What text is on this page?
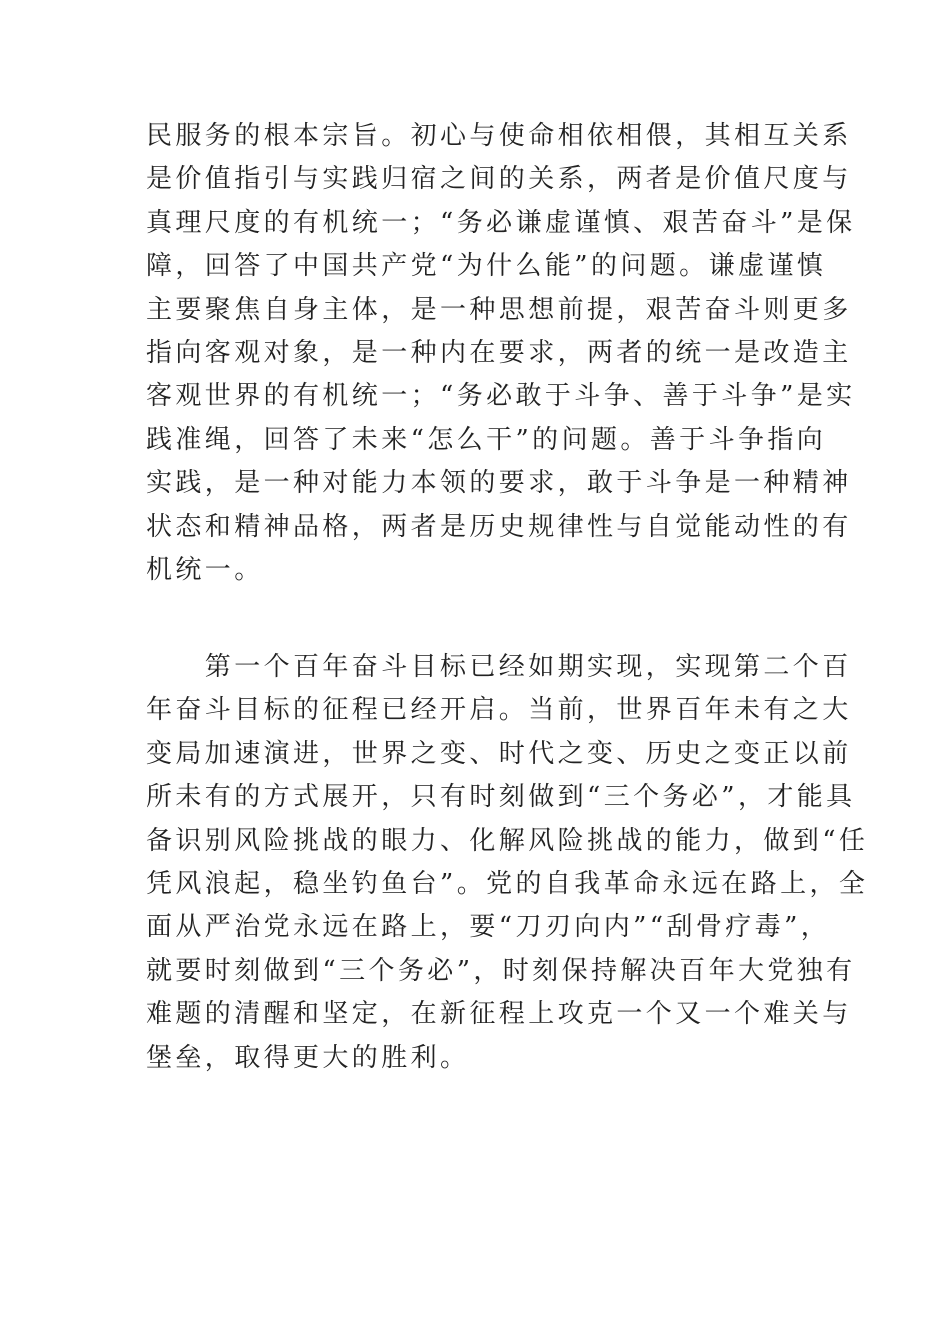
民服务的根本宗旨。初心与使命相依相偎，其相互关系
是价值指引与实践归宿之间的关系，两者是价值尺度与
真理尺度的有机统一；“务必谦虚谨慎、艰苦奋斗”是保
障，回答了中国共产党“为什么能”的问题。谦虚谨慎
主要聚焦自身主体，是一种思想前提，艰苦奋斗则更多
指向客观对象，是一种内在要求，两者的统一是改造主
客观世界的有机统一；“务必敢于斗争、善于斗争”是实
践准绳，回答了未来“怎么干”的问题。善于斗争指向
实践，是一种对能力本领的要求，敢于斗争是一种精神
状态和精神品格，两者是历史规律性与自觉能动性的有
机统一。
　　第一个百年奋斗目标已经如期实现，实现第二个百
年奋斗目标的征程已经开启。当前，世界百年未有之大
变局加速演进，世界之变、时代之变、历史之变正以前
所未有的方式展开，只有时刻做到“三个务必”，才能具
备识别风险挑战的眼力、化解风险挑战的能力，做到“任
凭风浪起，稳坐钓鱼台”。党的自我革命永远在路上，全
面从严治党永远在路上，要“刀刃向内”“刮骨疗毒”，
就要时刻做到“三个务必”，时刻保持解决百年大党独有
难题的清醒和坚定，在新征程上攻克一个又一个难关与
堡垒，取得更大的胜利。
